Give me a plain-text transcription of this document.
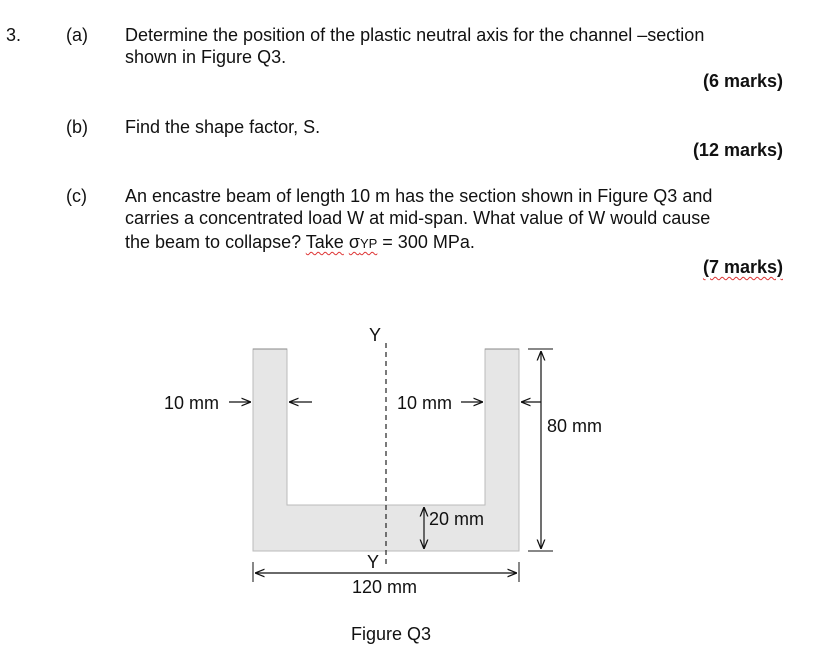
3. (a) Determine the position of the plastic neutral axis for the channel –section
shown in Figure Q3.
(6 marks)
(b) Find the shape factor, S.
(12 marks)
(c) An encastre beam of length 10 m has the section shown in Figure Q3 and
carries a concentrated load W at mid-span. What value of W would cause
the beam to collapse? Take σYP = 300 MPa.
(7 marks)
Y
Y
10 mm	10 mm
80 mm
20 mm
120 mm
Figure Q3
